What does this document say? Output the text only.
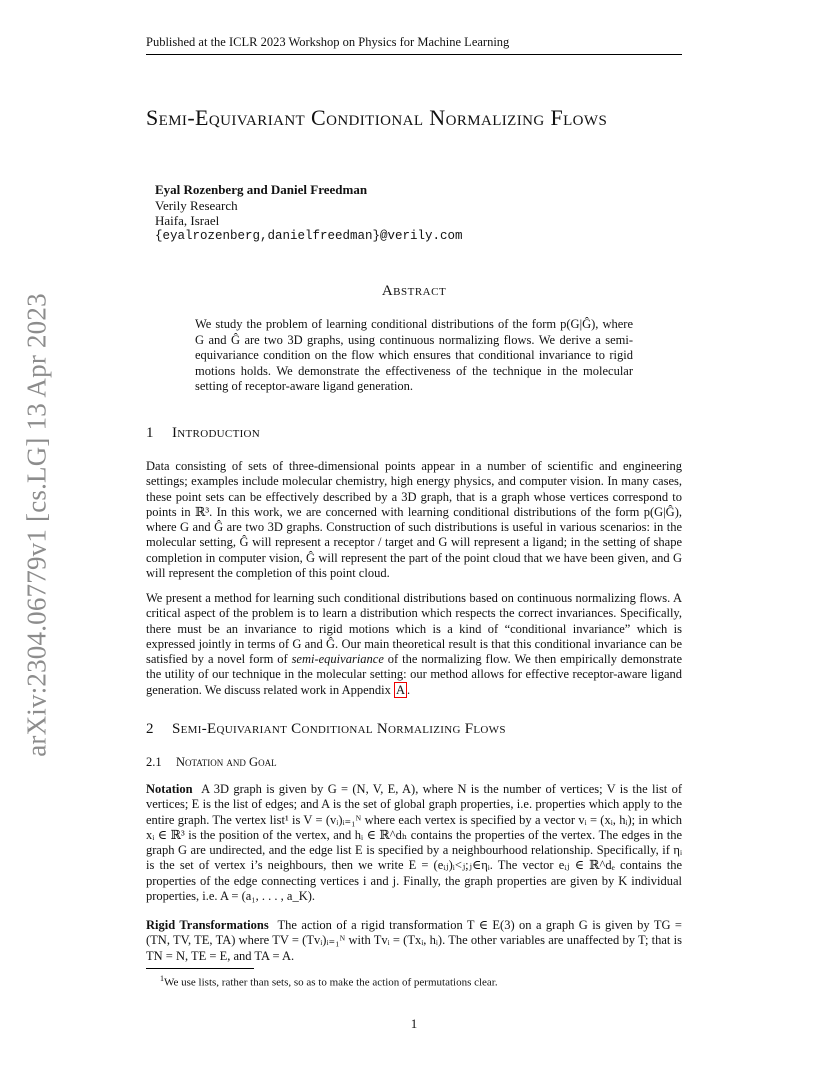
Published at the ICLR 2023 Workshop on Physics for Machine Learning
arXiv:2304.06779v1 [cs.LG] 13 Apr 2023
Semi-Equivariant Conditional Normalizing Flows
Eyal Rozenberg and Daniel Freedman
Verily Research
Haifa, Israel
{eyalrozenberg,danielfreedman}@verily.com
Abstract
We study the problem of learning conditional distributions of the form p(G|Ĝ), where G and Ĝ are two 3D graphs, using continuous normalizing flows. We derive a semi-equivariance condition on the flow which ensures that conditional invariance to rigid motions holds. We demonstrate the effectiveness of the technique in the molecular setting of receptor-aware ligand generation.
1 Introduction
Data consisting of sets of three-dimensional points appear in a number of scientific and engineering settings; examples include molecular chemistry, high energy physics, and computer vision. In many cases, these point sets can be effectively described by a 3D graph, that is a graph whose vertices correspond to points in ℝ³. In this work, we are concerned with learning conditional distributions of the form p(G|Ĝ), where G and Ĝ are two 3D graphs. Construction of such distributions is useful in various scenarios: in the molecular setting, Ĝ will represent a receptor / target and G will represent a ligand; in the setting of shape completion in computer vision, Ĝ will represent the part of the point cloud that we have been given, and G will represent the completion of this point cloud.
We present a method for learning such conditional distributions based on continuous normalizing flows. A critical aspect of the problem is to learn a distribution which respects the correct invariances. Specifically, there must be an invariance to rigid motions which is a kind of “conditional invariance” which is expressed jointly in terms of G and Ĝ. Our main theoretical result is that this conditional invariance can be satisfied by a novel form of semi-equivariance of the normalizing flow. We then empirically demonstrate the utility of our technique in the molecular setting: our method allows for effective receptor-aware ligand generation. We discuss related work in Appendix A .
2 Semi-Equivariant Conditional Normalizing Flows
2.1 Notation and Goal
Notation A 3D graph is given by G = (N, V, E, A), where N is the number of vertices; V is the list of vertices; E is the list of edges; and A is the set of global graph properties, i.e. properties which apply to the entire graph. The vertex list¹ is V = (vᵢ)ᵢ₌₁ᴺ where each vertex is specified by a vector vᵢ = (xᵢ, hᵢ); in which xᵢ ∈ ℝ³ is the position of the vertex, and hᵢ ∈ ℝ^dₕ contains the properties of the vertex. The edges in the graph G are undirected, and the edge list E is specified by a neighbourhood relationship. Specifically, if ηᵢ is the set of vertex i’s neighbours, then we write E = (eᵢⱼ)ᵢ<ⱼ;ⱼ∈ηᵢ. The vector eᵢⱼ ∈ ℝ^dₑ contains the properties of the edge connecting vertices i and j. Finally, the graph properties are given by K individual properties, i.e. A = (a₁, . . . , a_K).
Rigid Transformations The action of a rigid transformation T ∈ E(3) on a graph G is given by TG = (TN, TV, TE, TA) where TV = (Tvᵢ)ᵢ₌₁ᴺ with Tvᵢ = (Txᵢ, hᵢ). The other variables are unaffected by T; that is TN = N, TE = E, and TA = A.
$^1$We use lists, rather than sets, so as to make the action of permutations clear.
1
